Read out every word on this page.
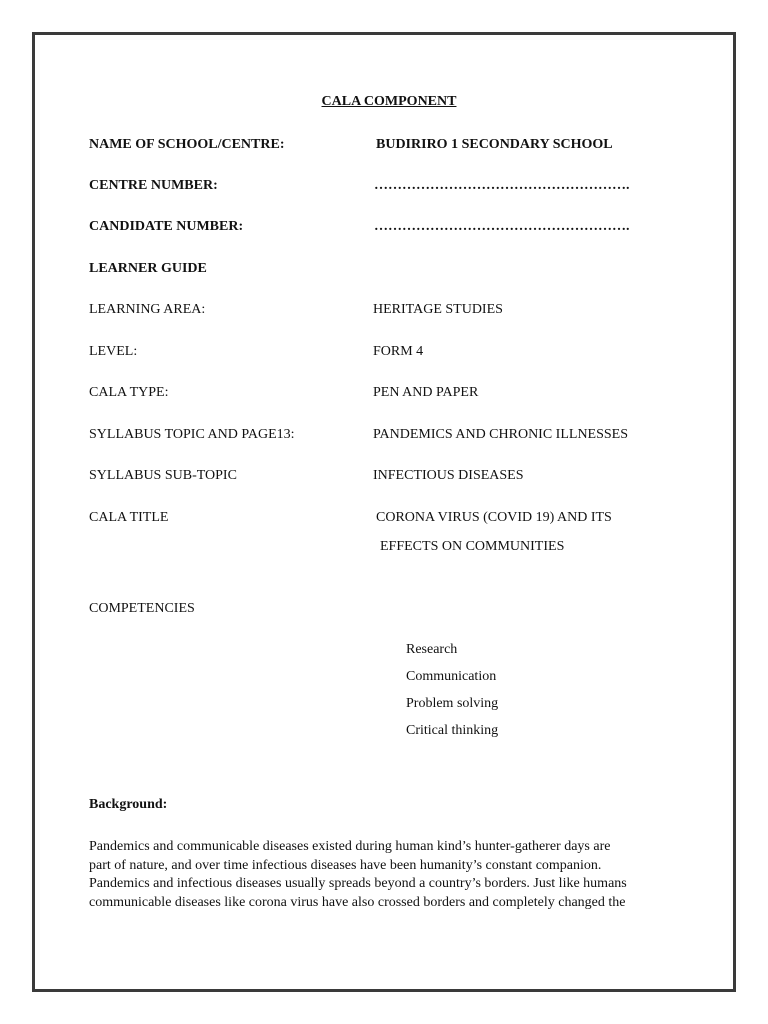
CALA COMPONENT
NAME OF SCHOOL/CENTRE:	BUDIRIRO 1 SECONDARY SCHOOL
CENTRE NUMBER:	……………………………………………….
CANDIDATE NUMBER:	……………………………………………….
LEARNER GUIDE
LEARNING AREA:	HERITAGE STUDIES
LEVEL:	FORM 4
CALA TYPE:	PEN AND PAPER
SYLLABUS TOPIC AND PAGE13:	PANDEMICS AND CHRONIC ILLNESSES
SYLLABUS SUB-TOPIC	INFECTIOUS DISEASES
CALA TITLE	CORONA VIRUS (COVID 19) AND ITS
EFFECTS ON COMMUNITIES
COMPETENCIES
Research
Communication
Problem solving
Critical thinking
Background:
Pandemics and communicable diseases existed during human kind’s hunter-gatherer days are
part of nature, and over time infectious diseases have been humanity’s constant companion.
Pandemics and infectious diseases usually spreads beyond a country’s borders. Just like humans
communicable diseases like corona virus have also crossed borders and completely changed the
